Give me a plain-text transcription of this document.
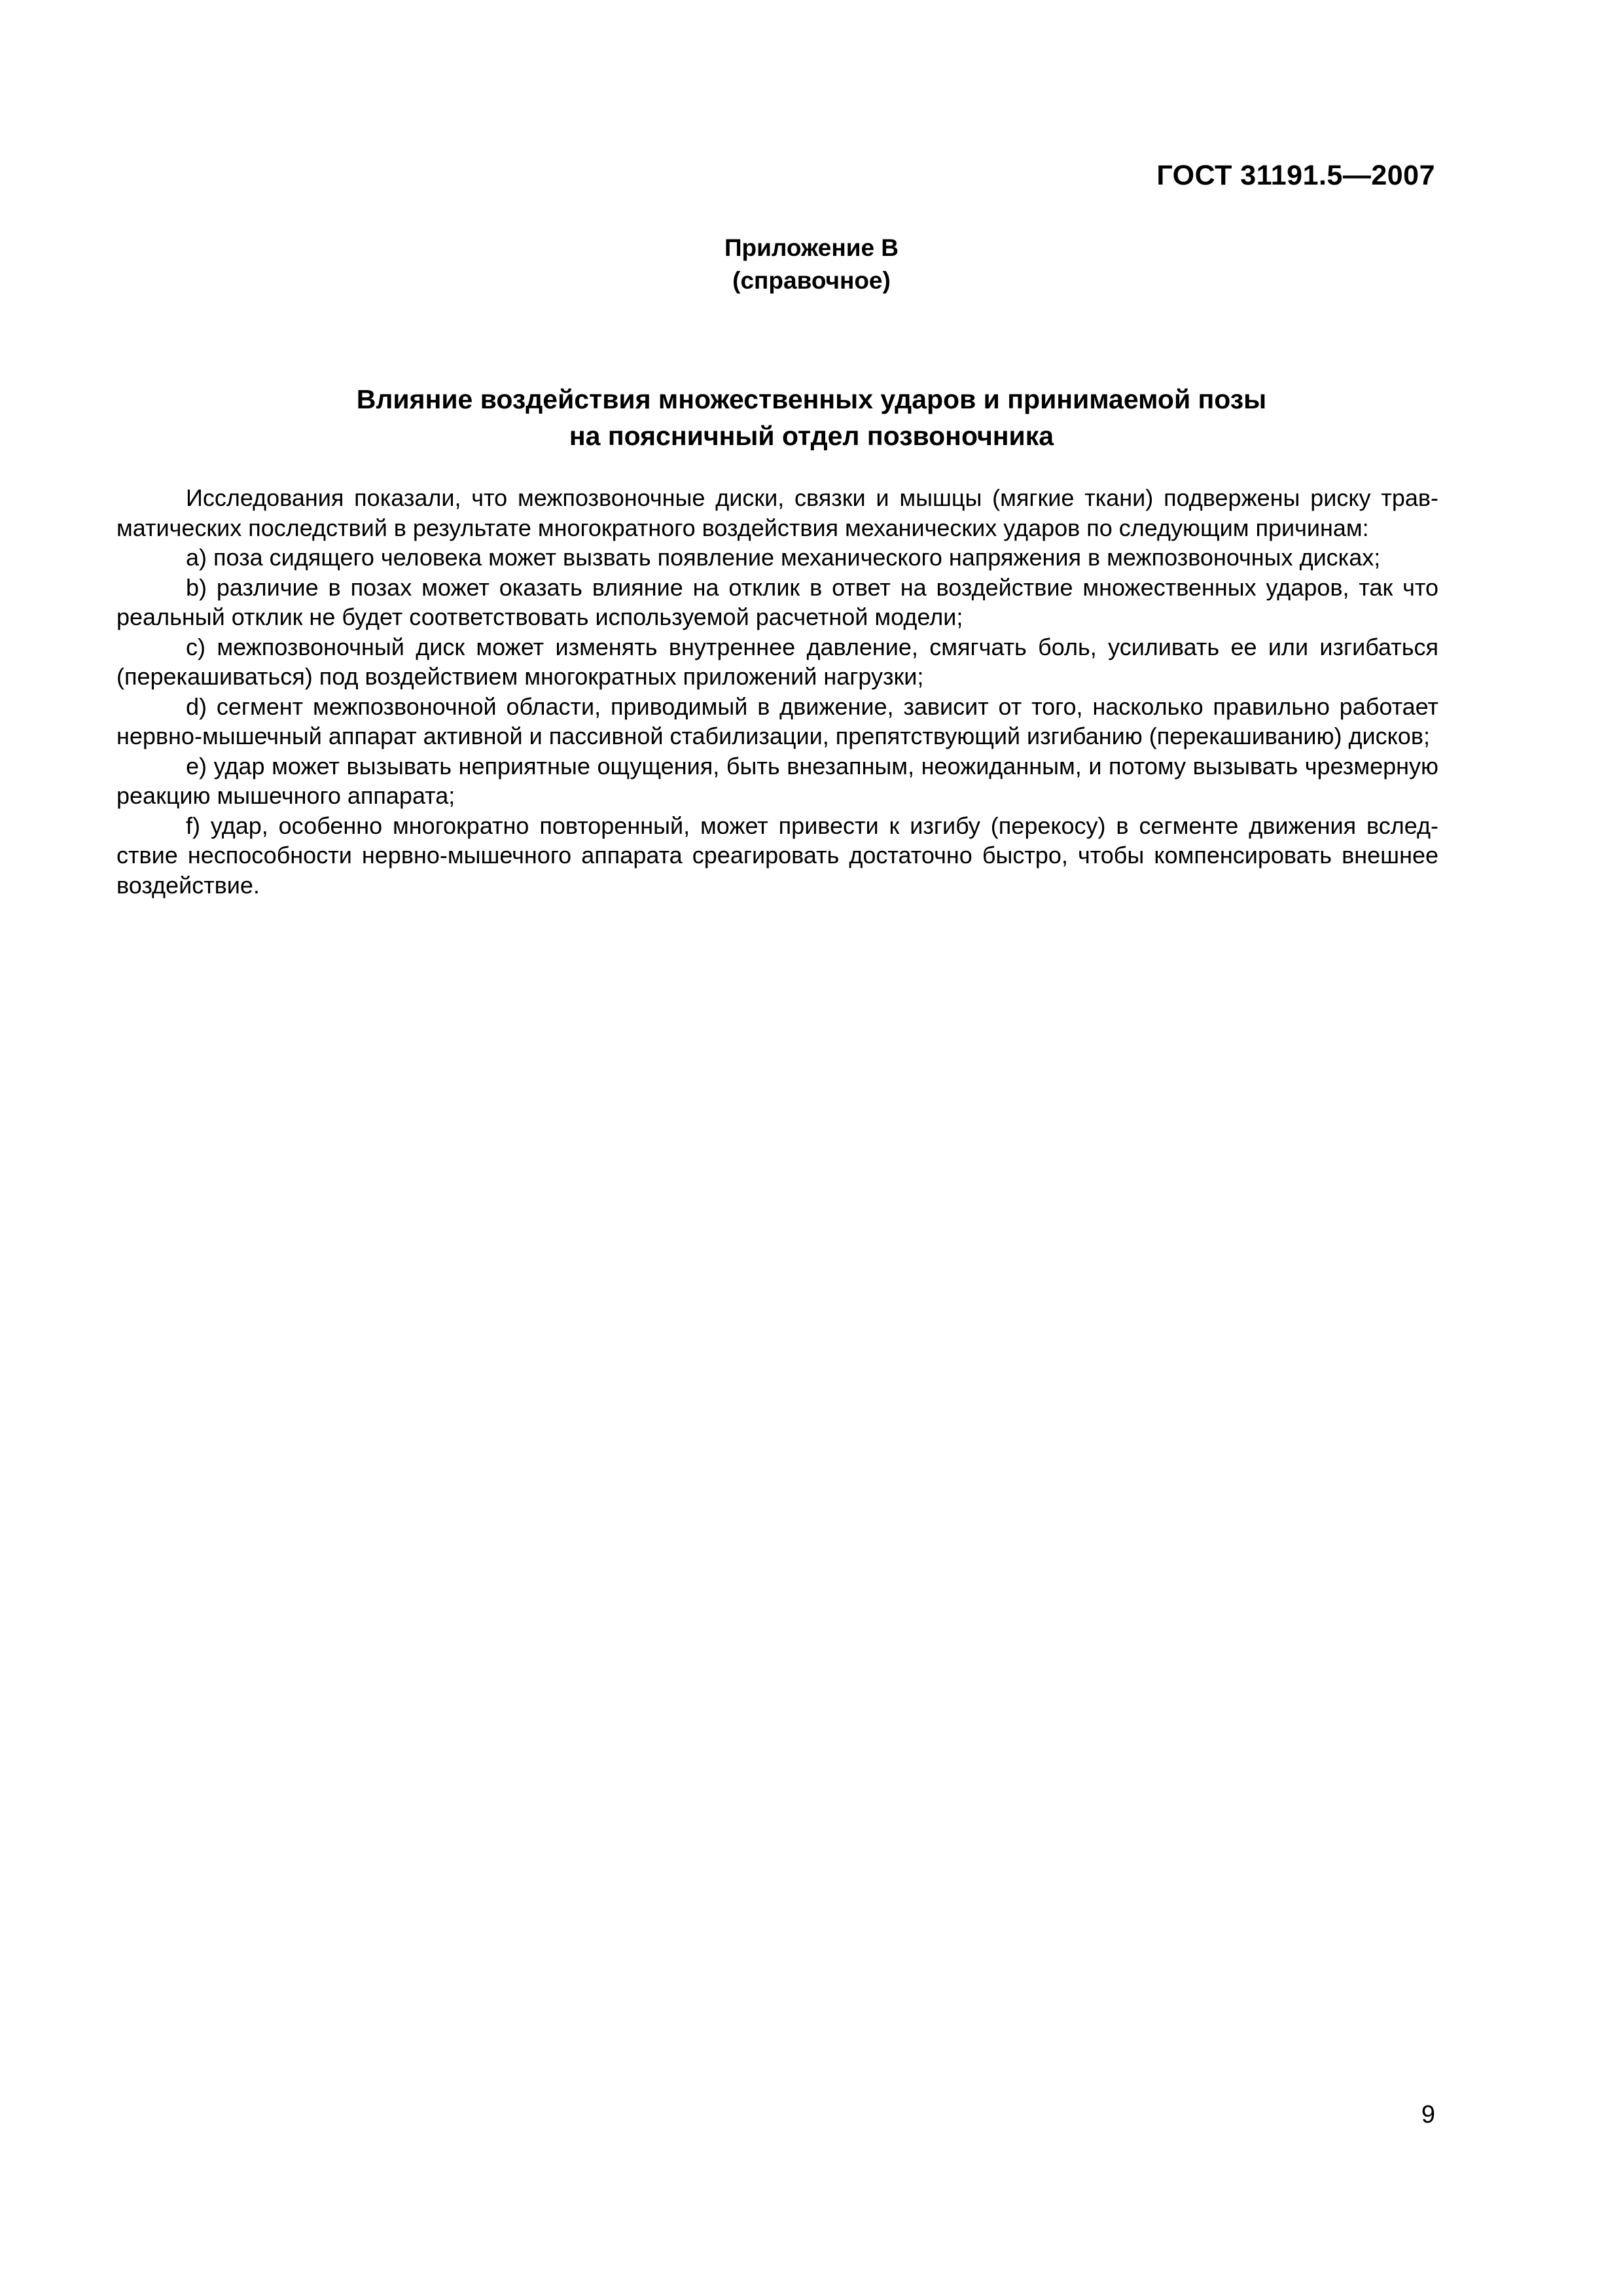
ГОСТ 31191.5—2007
Приложение В
(справочное)
Влияние воздействия множественных ударов и принимаемой позы
на поясничный отдел позвоночника

Исследования показали, что межпозвоночные диски, связки и мышцы (мягкие ткани) подвержены риску травматических последствий в результате многократного воздействия механических ударов по следующим причинам:

a) поза сидящего человека может вызвать появление механического напряжения в межпозвоночных дисках;

b) различие в позах может оказать влияние на отклик в ответ на воздействие множественных ударов, так что реальный отклик не будет соответствовать используемой расчетной модели;

c) межпозвоночный диск может изменять внутреннее давление, смягчать боль, усиливать ее или изгибаться (перекашиваться) под воздействием многократных приложений нагрузки;

d) сегмент межпозвоночной области, приводимый в движение, зависит от того, насколько правильно работает нервно-мышечный аппарат активной и пассивной стабилизации, препятствующий изгибанию (перекашиванию) дисков;

e) удар может вызывать неприятные ощущения, быть внезапным, неожиданным, и потому вызывать чрезмерную реакцию мышечного аппарата;

f) удар, особенно многократно повторенный, может привести к изгибу (перекосу) в сегменте движения вследствие неспособности нервно-мышечного аппарата среагировать достаточно быстро, чтобы компенсировать внешнее воздействие.

9
